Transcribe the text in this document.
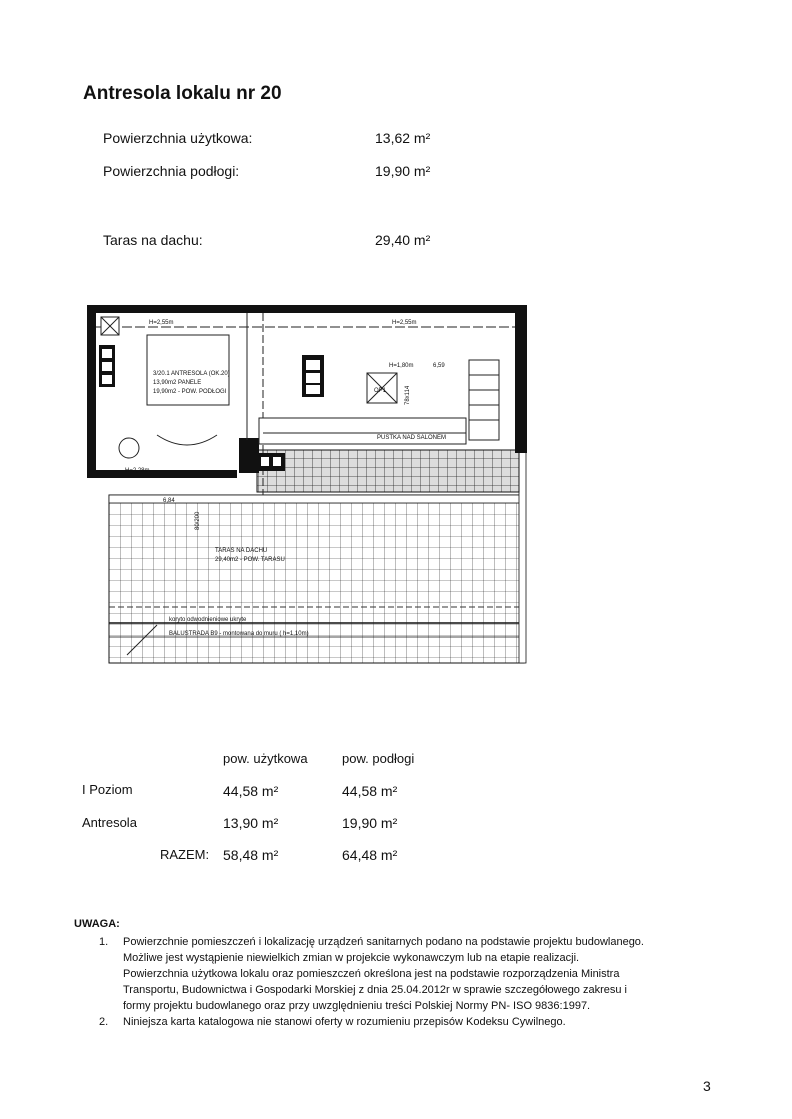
Antresola lokalu nr 20
Powierzchnia użytkowa:	13,62 m²
Powierzchnia podłogi:	19,90 m²
Taras na dachu:	29,40 m²
H=2,55m	H=2,55m
H=1,80m	6,59
H=2,28m
3/20.1 ANTRESOLA (OK.20)
13,90m2 PANELE
19,90m2 - POW. PODŁOGI	OP1	78x114
PUSTKA NAD SALONEM
TARAS NA DACHU
29,40m2 - POW. TARASU
6,84
80/200
koryto odwodnieniowe ukryte
BALUSTRADA B9 - montowana do muru ( h=1,10m)
pow. użytkowa	pow. podłogi
I Poziom	44,58 m²	44,58 m²
Antresola	13,90 m²	19,90 m²
RAZEM: 58,48 m²	64,48 m²
UWAGA:
1. Powierzchnie pomieszczeń i lokalizację urządzeń sanitarnych podano na podstawie projektu budowlanego.
Możliwe jest wystąpienie niewielkich zmian w projekcie wykonawczym lub na etapie realizacji.
Powierzchnia użytkowa lokalu oraz pomieszczeń określona jest na podstawie rozporządzenia Ministra
Transportu, Budownictwa i Gospodarki Morskiej z dnia 25.04.2012r w sprawie szczegółowego zakresu i
formy projektu budowlanego oraz przy uwzględnieniu treści Polskiej Normy PN- ISO 9836:1997.
2. Niniejsza karta katalogowa nie stanowi oferty w rozumieniu przepisów Kodeksu Cywilnego.
3
